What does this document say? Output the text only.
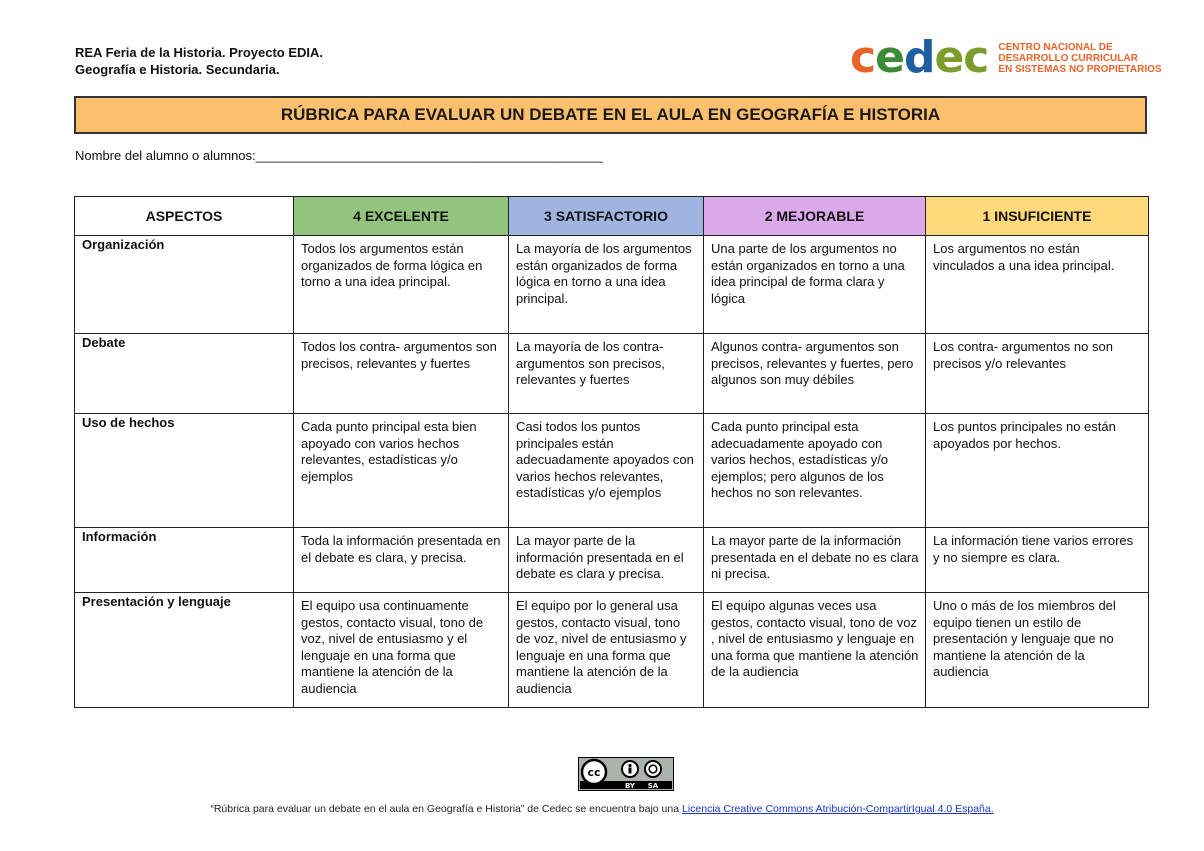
REA Feria de la Historia. Proyecto EDIA.
Geografía e Historia. Secundaria.	cedec CENTRO NACIONAL DE
DESARROLLO CURRICULAR
EN SISTEMAS NO PROPIETARIOS
RÚBRICA PARA EVALUAR UN DEBATE EN EL AULA EN GEOGRAFÍA E HISTORIA
Nombre del alumno o alumnos:________________________________________________
ASPECTOS	4 EXCELENTE	3 SATISFACTORIO	2 MEJORABLE	1 INSUFICIENTE
Organización	Todos los argumentos están organizados de forma lógica en torno a una idea principal.	La mayoría de los argumentos están organizados de forma lógica en torno a una idea principal.	Una parte de los argumentos no están organizados en torno a una idea principal de forma clara y lógica	Los argumentos no están vinculados a una idea principal.
Debate	Todos los contra- argumentos son precisos, relevantes y fuertes	La mayoría de los contra- argumentos son precisos, relevantes y fuertes	Algunos contra- argumentos son precisos, relevantes y fuertes, pero algunos son muy débiles	Los contra- argumentos no son precisos y/o relevantes
Uso de hechos	Cada punto principal esta bien apoyado con varios hechos relevantes, estadísticas y/o ejemplos	Casi todos los puntos principales están adecuadamente apoyados con varios hechos relevantes, estadísticas y/o ejemplos	Cada punto principal esta adecuadamente apoyado con varios hechos, estadísticas y/o ejemplos; pero algunos de los hechos no son relevantes.	Los puntos principales no están apoyados por hechos.
Información	Toda la información presentada en el debate es clara, y precisa.	La mayor parte de la información presentada en el debate es clara y precisa.	La mayor parte de la información presentada en el debate no es clara ni precisa.	La información tiene varios errores y no siempre es clara.
Presentación y lenguaje	El equipo usa continuamente gestos, contacto visual, tono de voz, nivel de entusiasmo y el lenguaje en una forma que mantiene la atención de la audiencia	El equipo por lo general usa gestos, contacto visual, tono de voz, nivel de entusiasmo y lenguaje en una forma que mantiene la atención de la audiencia	El equipo algunas veces usa gestos, contacto visual, tono de voz , nivel de entusiasmo y lenguaje en una forma que mantiene la atención de la audiencia	Uno o más de los miembros del equipo tienen un estilo de presentación y lenguaje que no mantiene la atención de la audiencia
cc
BY SA
“Rúbrica para evaluar un debate en el aula en Geografía e Historia” de Cedec se encuentra bajo una Licencia Creative Commons Atribución-CompartirIgual 4.0 España.
